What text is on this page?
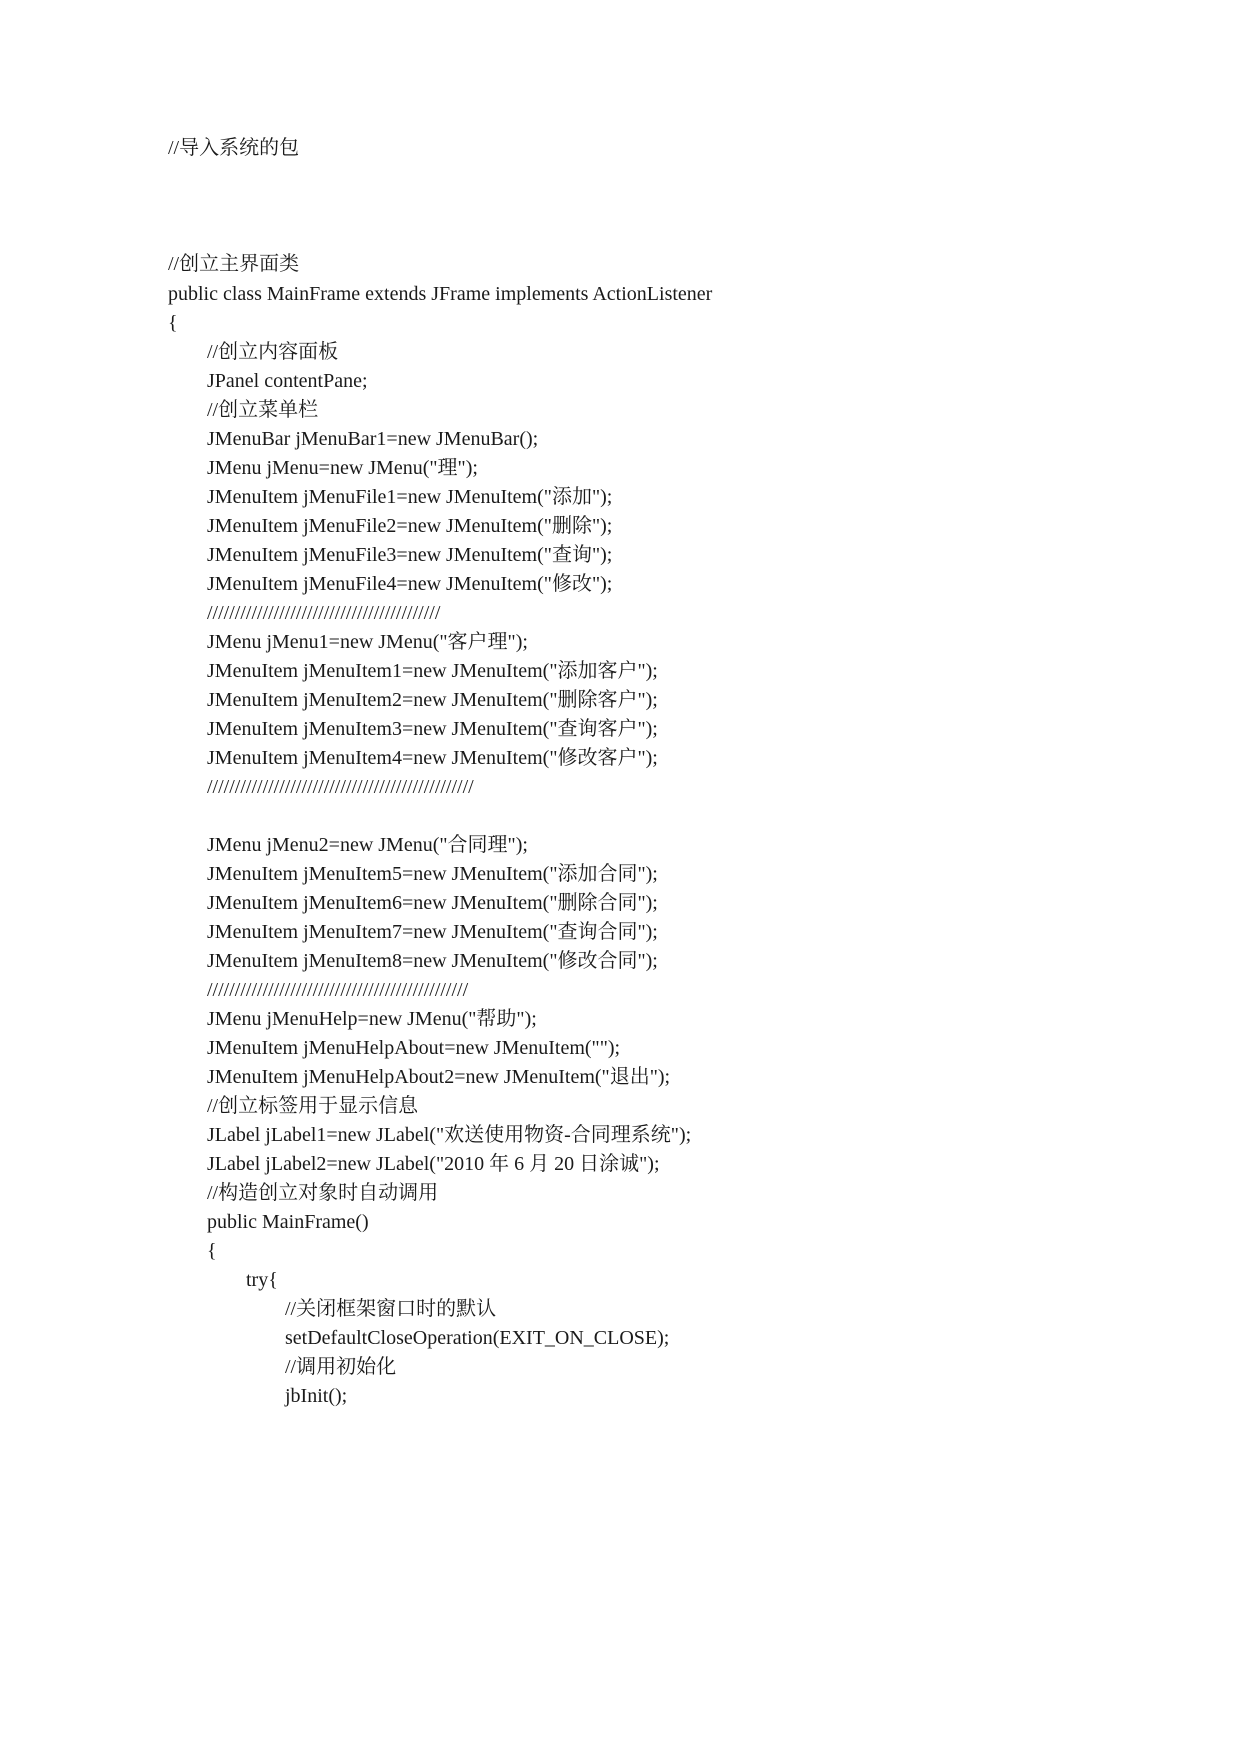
//导入系统的包
//创立主界面类
public class MainFrame extends JFrame implements ActionListener
{
//创立内容面板
JPanel contentPane;
//创立菜单栏
JMenuBar jMenuBar1=new JMenuBar();
JMenu jMenu=new JMenu("理");
JMenuItem jMenuFile1=new JMenuItem("添加");
JMenuItem jMenuFile2=new JMenuItem("删除");
JMenuItem jMenuFile3=new JMenuItem("查询");
JMenuItem jMenuFile4=new JMenuItem("修改");
//////////////////////////////////////////
JMenu jMenu1=new JMenu("客户理");
JMenuItem jMenuItem1=new JMenuItem("添加客户");
JMenuItem jMenuItem2=new JMenuItem("删除客户");
JMenuItem jMenuItem3=new JMenuItem("查询客户");
JMenuItem jMenuItem4=new JMenuItem("修改客户");
////////////////////////////////////////////////
JMenu jMenu2=new JMenu("合同理");
JMenuItem jMenuItem5=new JMenuItem("添加合同");
JMenuItem jMenuItem6=new JMenuItem("删除合同");
JMenuItem jMenuItem7=new JMenuItem("查询合同");
JMenuItem jMenuItem8=new JMenuItem("修改合同");
///////////////////////////////////////////////
JMenu jMenuHelp=new JMenu("帮助");
JMenuItem jMenuHelpAbout=new JMenuItem("");
JMenuItem jMenuHelpAbout2=new JMenuItem("退出");
//创立标签用于显示信息
JLabel jLabel1=new JLabel("欢送使用物资-合同理系统");
JLabel jLabel2=new JLabel("2010 年 6 月 20 日涂诚");
//构造创立对象时自动调用
public MainFrame()
{
try{
//关闭框架窗口时的默认
setDefaultCloseOperation(EXIT_ON_CLOSE);
//调用初始化
jbInit();
